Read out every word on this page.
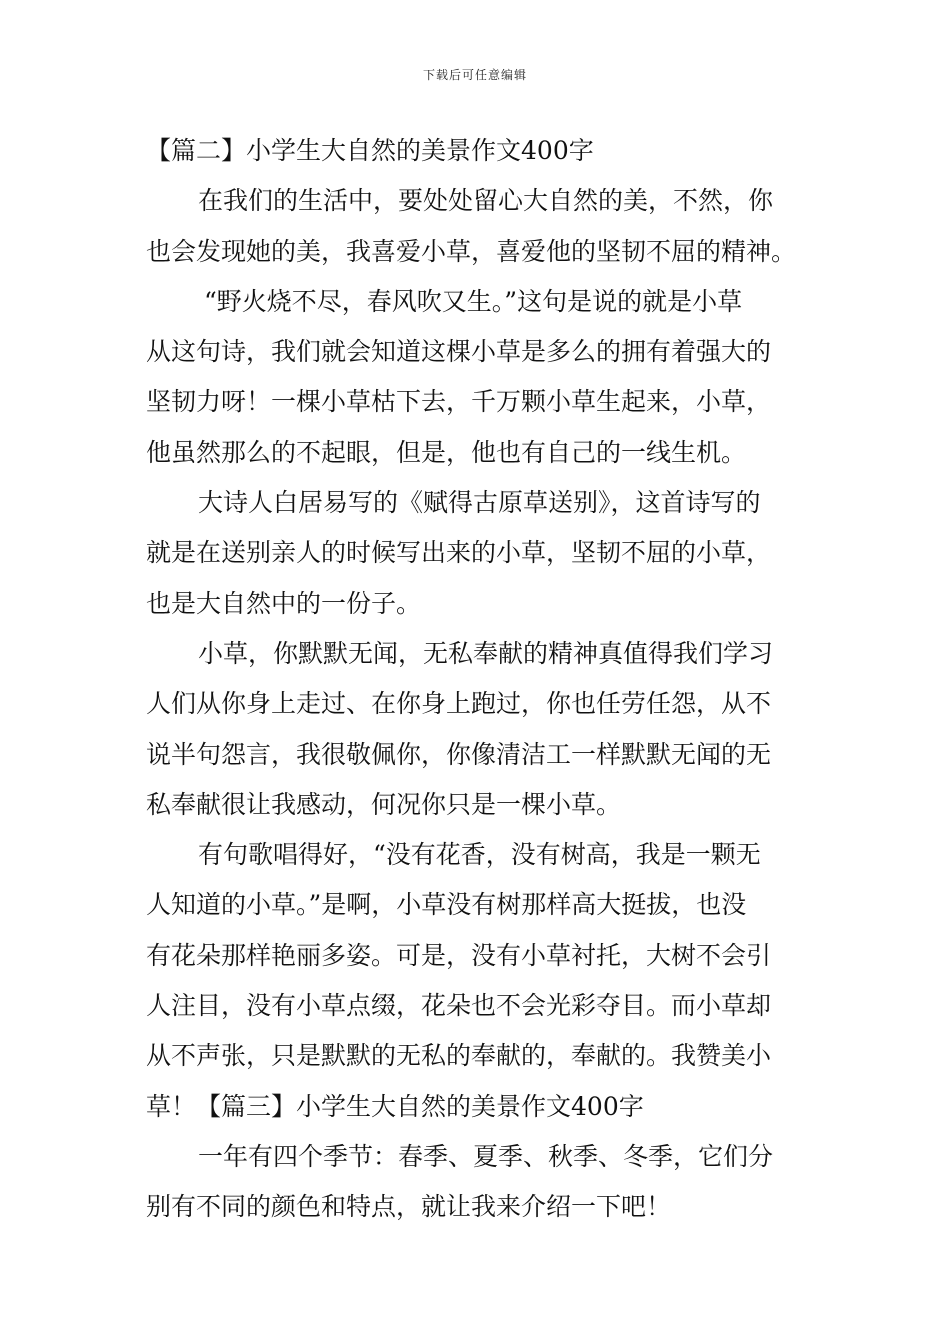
下载后可任意编辑
【篇二】小学生大自然的美景作文400字
在我们的生活中，要处处留心大自然的美，不然，你
也会发现她的美，我喜爱小草，喜爱他的坚韧不屈的精神。
“野火烧不尽，春风吹又生。”这句是说的就是小草
从这句诗，我们就会知道这棵小草是多么的拥有着强大的
坚韧力呀！一棵小草枯下去，千万颗小草生起来，小草，
他虽然那么的不起眼，但是，他也有自己的一线生机。
大诗人白居易写的《赋得古原草送别》，这首诗写的
就是在送别亲人的时候写出来的小草，坚韧不屈的小草，
也是大自然中的一份子。
小草，你默默无闻，无私奉献的精神真值得我们学习
人们从你身上走过、在你身上跑过，你也任劳任怨，从不
说半句怨言，我很敬佩你，你像清洁工一样默默无闻的无
私奉献很让我感动，何况你只是一棵小草。
有句歌唱得好，“没有花香，没有树高，我是一颗无
人知道的小草。”是啊，小草没有树那样高大挺拔，也没
有花朵那样艳丽多姿。可是，没有小草衬托，大树不会引
人注目，没有小草点缀，花朵也不会光彩夺目。而小草却
从不声张，只是默默的无私的奉献的，奉献的。我赞美小
草！【篇三】小学生大自然的美景作文400字
一年有四个季节：春季、夏季、秋季、冬季，它们分
别有不同的颜色和特点，就让我来介绍一下吧！
